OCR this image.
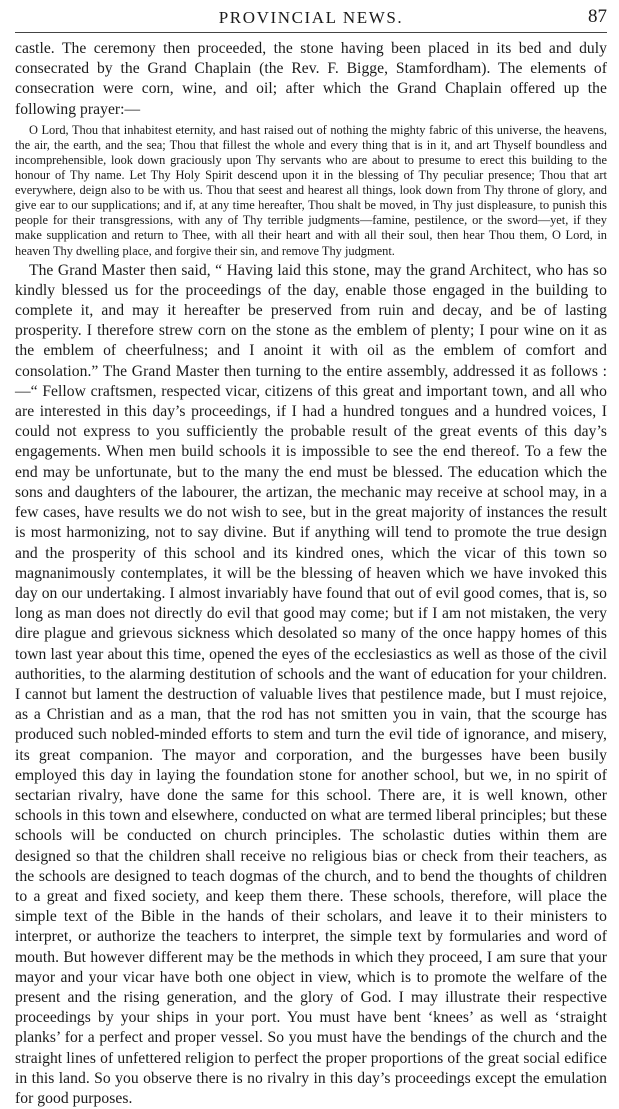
PROVINCIAL NEWS.	87

castle. The ceremony then proceeded, the stone having been placed in its bed and duly consecrated by the Grand Chaplain (the Rev. F. Bigge, Stamfordham). The elements of consecration were corn, wine, and oil; after which the Grand Chaplain offered up the following prayer:—

O Lord, Thou that inhabitest eternity, and hast raised out of nothing the mighty fabric of this universe, the heavens, the air, the earth, and the sea; Thou that fillest the whole and every thing that is in it, and art Thyself boundless and incomprehensible, look down graciously upon Thy servants who are about to presume to erect this building to the honour of Thy name. Let Thy Holy Spirit descend upon it in the blessing of Thy peculiar presence; Thou that art everywhere, deign also to be with us. Thou that seest and hearest all things, look down from Thy throne of glory, and give ear to our supplications; and if, at any time hereafter, Thou shalt be moved, in Thy just displeasure, to punish this people for their transgressions, with any of Thy terrible judgments—famine, pestilence, or the sword—yet, if they make supplication and return to Thee, with all their heart and with all their soul, then hear Thou them, O Lord, in heaven Thy dwelling place, and forgive their sin, and remove Thy judgment.

The Grand Master then said, “ Having laid this stone, may the grand Architect, who has so kindly blessed us for the proceedings of the day, enable those engaged in the building to complete it, and may it hereafter be preserved from ruin and decay, and be of lasting prosperity. I therefore strew corn on the stone as the emblem of plenty; I pour wine on it as the emblem of cheerfulness; and I anoint it with oil as the emblem of comfort and consolation.” The Grand Master then turning to the entire assembly, addressed it as follows :—“ Fellow craftsmen, respected vicar, citizens of this great and important town, and all who are interested in this day’s proceedings, if I had a hundred tongues and a hundred voices, I could not express to you sufficiently the probable result of the great events of this day’s engagements. When men build schools it is impossible to see the end thereof. To a few the end may be unfortunate, but to the many the end must be blessed. The education which the sons and daughters of the labourer, the artizan, the mechanic may receive at school may, in a few cases, have results we do not wish to see, but in the great majority of instances the result is most harmonizing, not to say divine. But if anything will tend to promote the true design and the prosperity of this school and its kindred ones, which the vicar of this town so magnanimously contemplates, it will be the blessing of heaven which we have invoked this day on our undertaking. I almost invariably have found that out of evil good comes, that is, so long as man does not directly do evil that good may come; but if I am not mistaken, the very dire plague and grievous sickness which desolated so many of the once happy homes of this town last year about this time, opened the eyes of the ecclesiastics as well as those of the civil authorities, to the alarming destitution of schools and the want of education for your children. I cannot but lament the destruction of valuable lives that pestilence made, but I must rejoice, as a Christian and as a man, that the rod has not smitten you in vain, that the scourge has produced such nobled-minded efforts to stem and turn the evil tide of ignorance, and misery, its great companion. The mayor and corporation, and the burgesses have been busily employed this day in laying the foundation stone for another school, but we, in no spirit of sectarian rivalry, have done the same for this school. There are, it is well known, other schools in this town and elsewhere, conducted on what are termed liberal principles; but these schools will be conducted on church principles. The scholastic duties within them are designed so that the children shall receive no religious bias or check from their teachers, as the schools are designed to teach dogmas of the church, and to bend the thoughts of children to a great and fixed society, and keep them there. These schools, therefore, will place the simple text of the Bible in the hands of their scholars, and leave it to their ministers to interpret, or authorize the teachers to interpret, the simple text by formularies and word of mouth. But however different may be the methods in which they proceed, I am sure that your mayor and your vicar have both one object in view, which is to promote the welfare of the present and the rising generation, and the glory of God. I may illustrate their respective proceedings by your ships in your port. You must have bent ‘knees’ as well as ‘straight planks’ for a perfect and proper vessel. So you must have the bendings of the church and the straight lines of unfettered religion to perfect the proper proportions of the great social edifice in this land. So you observe there is no rivalry in this day’s proceedings except the emulation for good purposes.
